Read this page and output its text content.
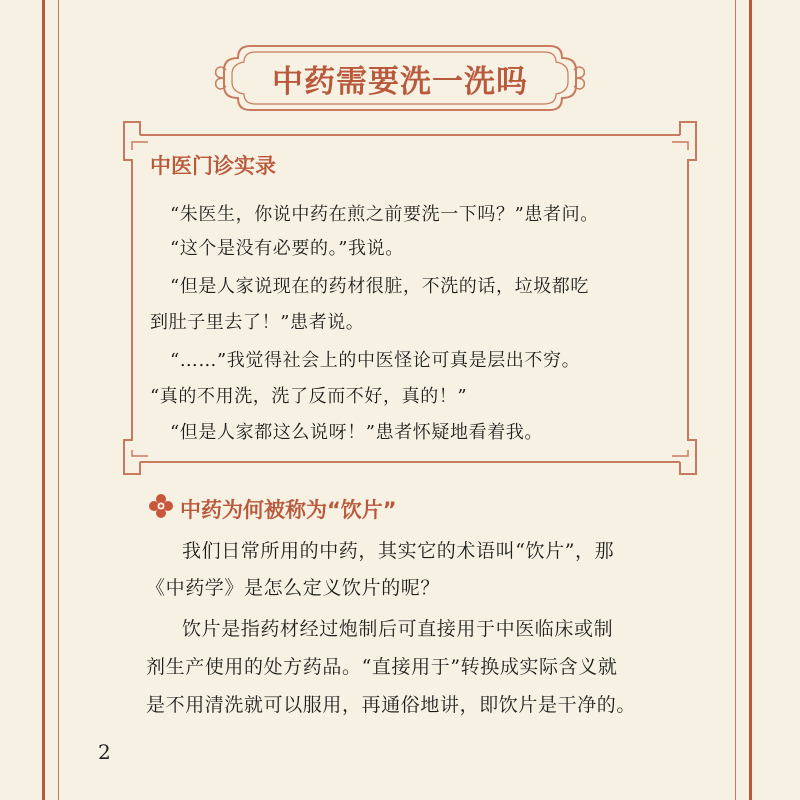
中药需要洗一洗吗
中医门诊实录
“朱医生，你说中药在煎之前要洗一下吗？”患者问。
“这个是没有必要的。”我说。
“但是人家说现在的药材很脏，不洗的话，垃圾都吃
到肚子里去了！”患者说。
“……”我觉得社会上的中医怪论可真是层出不穷。
“真的不用洗，洗了反而不好，真的！”
“但是人家都这么说呀！”患者怀疑地看着我。
中药为何被称为“饮片”
我们日常所用的中药，其实它的术语叫“饮片”，那
《中药学》是怎么定义饮片的呢？
饮片是指药材经过炮制后可直接用于中医临床或制
剂生产使用的处方药品。“直接用于”转换成实际含义就
是不用清洗就可以服用，再通俗地讲，即饮片是干净的。
2
